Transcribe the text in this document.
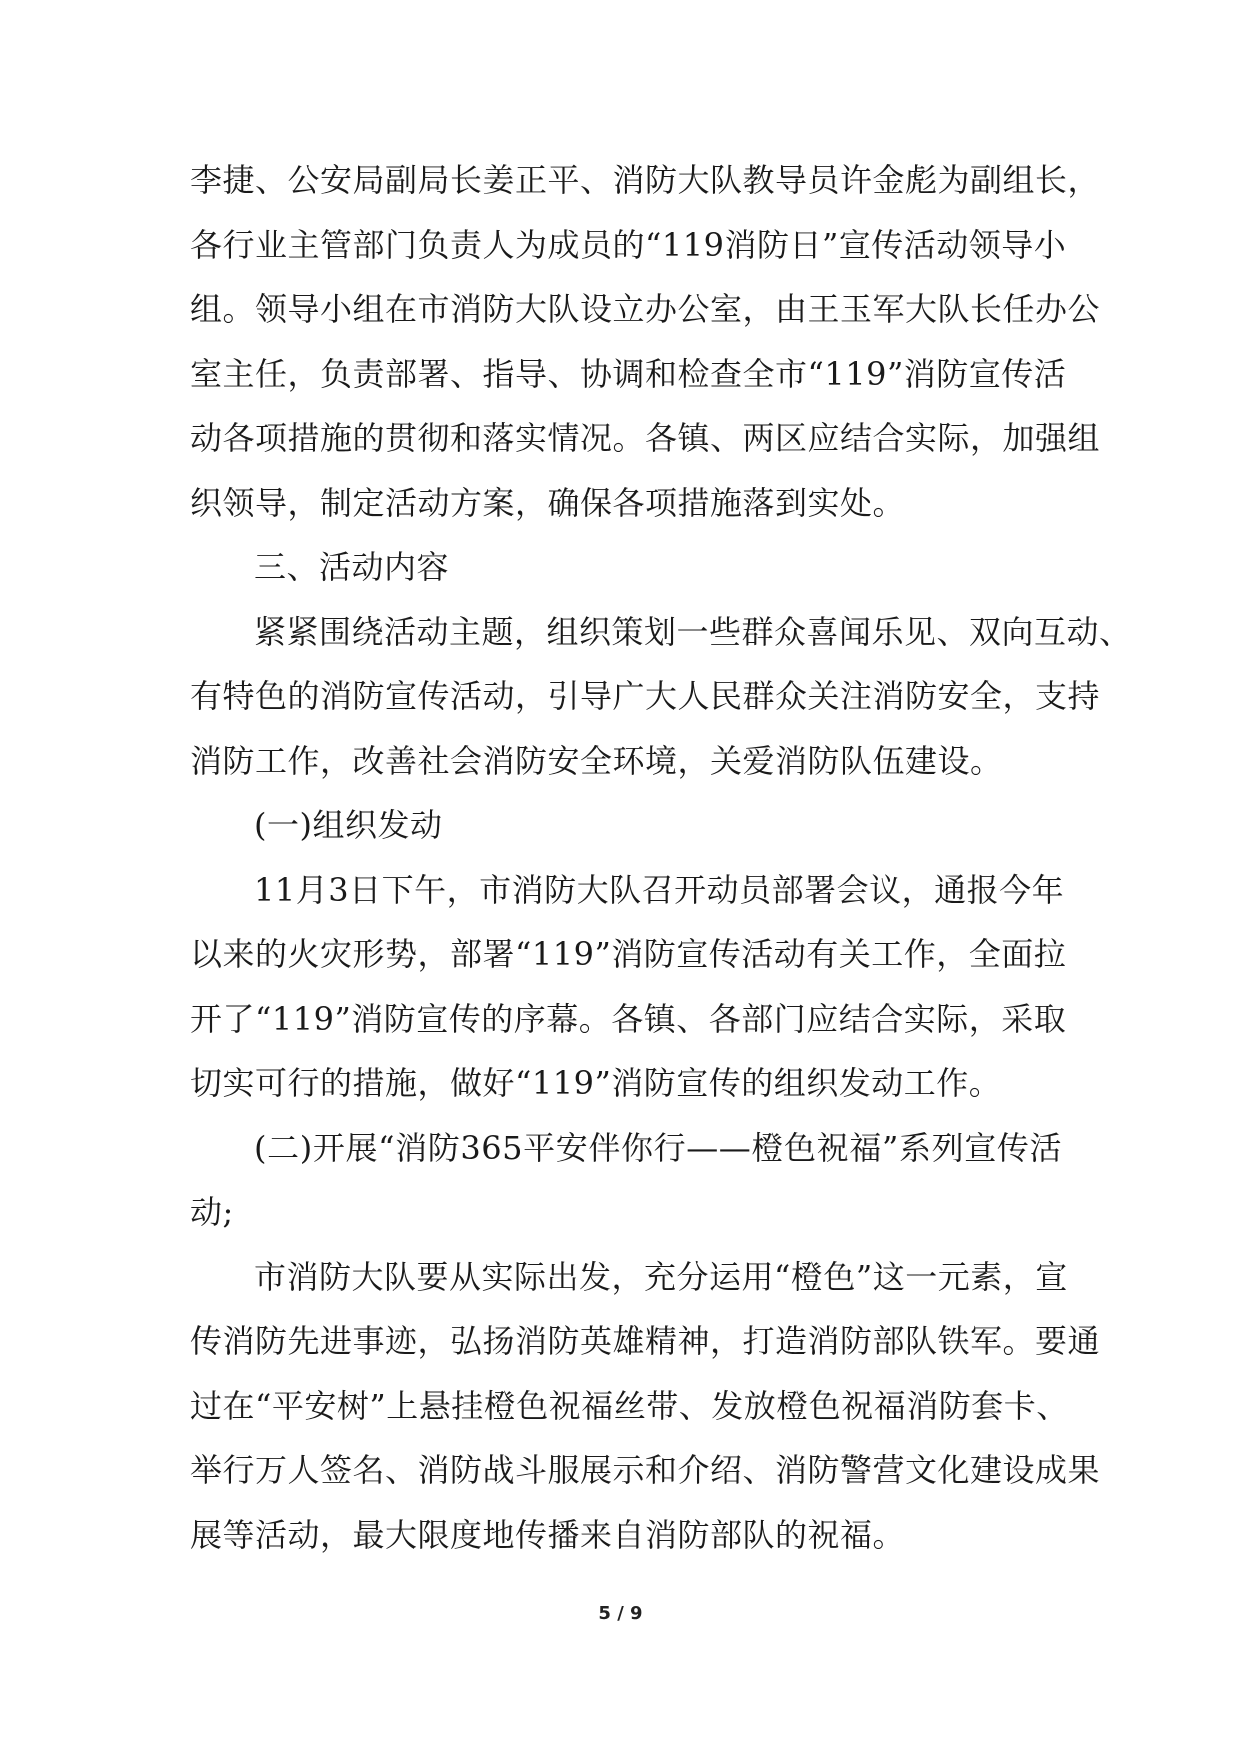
李捷、公安局副局长姜正平、消防大队教导员许金彪为副组长，
各行业主管部门负责人为成员的“119消防日”宣传活动领导小
组。领导小组在市消防大队设立办公室，由王玉军大队长任办公
室主任，负责部署、指导、协调和检查全市“119”消防宣传活
动各项措施的贯彻和落实情况。各镇、两区应结合实际，加强组
织领导，制定活动方案，确保各项措施落到实处。
三、活动内容
紧紧围绕活动主题，组织策划一些群众喜闻乐见、双向互动、
有特色的消防宣传活动，引导广大人民群众关注消防安全，支持
消防工作，改善社会消防安全环境，关爱消防队伍建设。
(一)组织发动
11月3日下午，市消防大队召开动员部署会议，通报今年
以来的火灾形势，部署“119”消防宣传活动有关工作，全面拉
开了“119”消防宣传的序幕。各镇、各部门应结合实际，采取
切实可行的措施，做好“119”消防宣传的组织发动工作。
(二)开展“消防365平安伴你行——橙色祝福”系列宣传活
动;
市消防大队要从实际出发，充分运用“橙色”这一元素，宣
传消防先进事迹，弘扬消防英雄精神，打造消防部队铁军。要通
过在“平安树”上悬挂橙色祝福丝带、发放橙色祝福消防套卡、
举行万人签名、消防战斗服展示和介绍、消防警营文化建设成果
展等活动，最大限度地传播来自消防部队的祝福。
5 / 9
